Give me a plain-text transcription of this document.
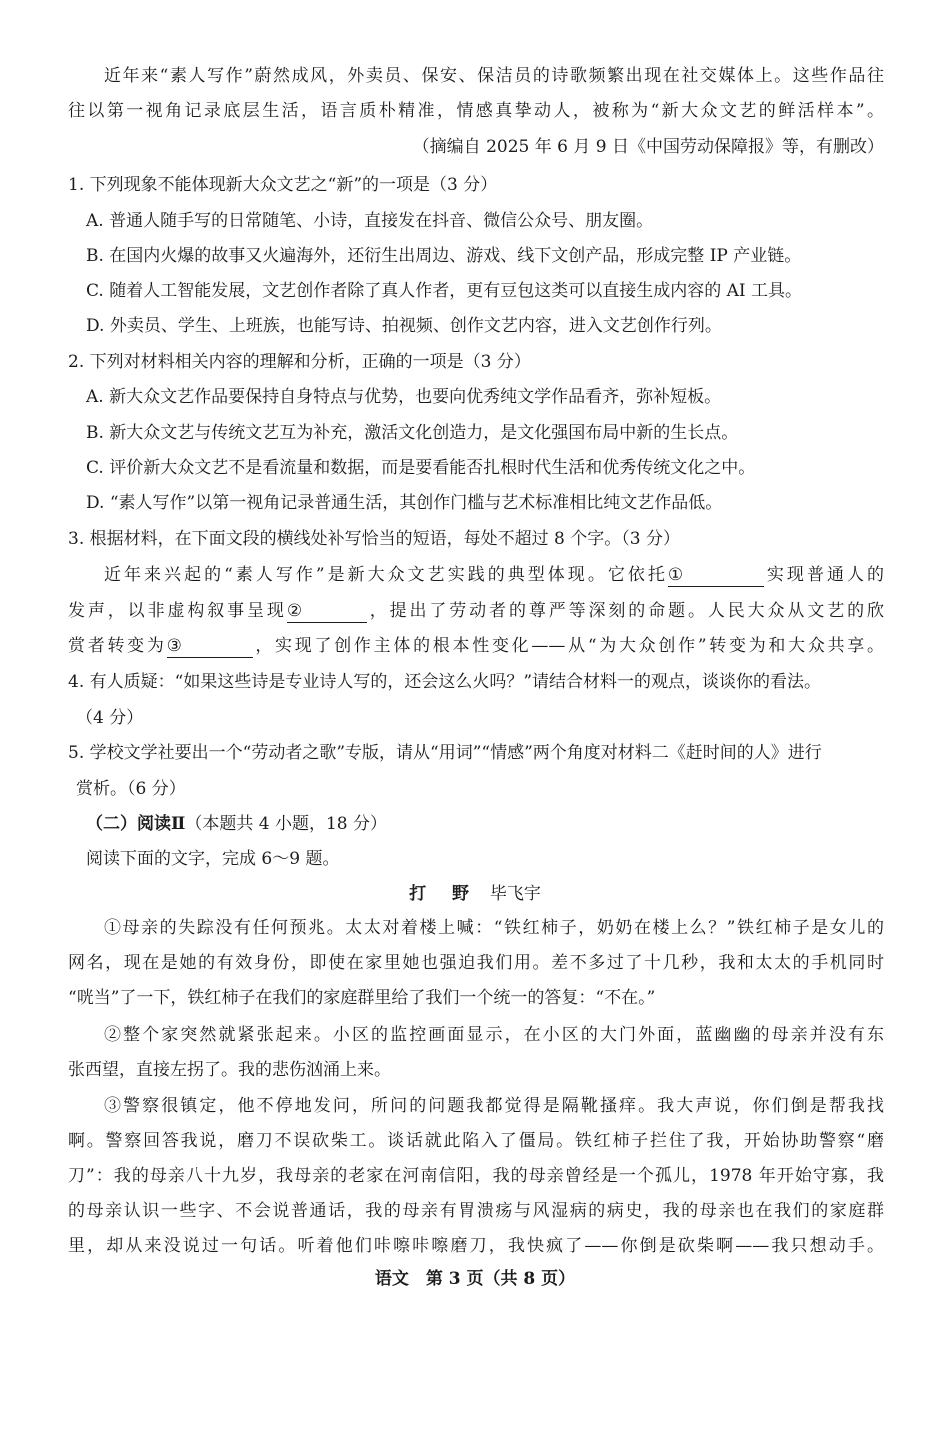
近年来“素人写作”蔚然成风，外卖员、保安、保洁员的诗歌频繁出现在社交媒体上。这些作品往
往以第一视角记录底层生活，语言质朴精准，情感真挚动人，被称为“新大众文艺的鲜活样本”。
（摘编自 2025 年 6 月 9 日《中国劳动保障报》等，有删改）
1. 下列现象不能体现新大众文艺之“新”的一项是（3 分）
A. 普通人随手写的日常随笔、小诗，直接发在抖音、微信公众号、朋友圈。
B. 在国内火爆的故事又火遍海外，还衍生出周边、游戏、线下文创产品，形成完整 IP 产业链。
C. 随着人工智能发展，文艺创作者除了真人作者，更有豆包这类可以直接生成内容的 AI 工具。
D. 外卖员、学生、上班族，也能写诗、拍视频、创作文艺内容，进入文艺创作行列。
2. 下列对材料相关内容的理解和分析，正确的一项是（3 分）
A. 新大众文艺作品要保持自身特点与优势，也要向优秀纯文学作品看齐，弥补短板。
B. 新大众文艺与传统文艺互为补充，激活文化创造力，是文化强国布局中新的生长点。
C. 评价新大众文艺不是看流量和数据，而是要看能否扎根时代生活和优秀传统文化之中。
D. “素人写作”以第一视角记录普通生活，其创作门槛与艺术标准相比纯文艺作品低。
3. 根据材料，在下面文段的横线处补写恰当的短语，每处不超过 8 个字。（3 分）
近年来兴起的“素人写作”是新大众文艺实践的典型体现。它依托①	实现普通人的
发声，以非虚构叙事呈现②	，提出了劳动者的尊严等深刻的命题。人民大众从文艺的欣
赏者转变为③	，实现了创作主体的根本性变化——从“为大众创作”转变为和大众共享。
4. 有人质疑：“如果这些诗是专业诗人写的，还会这么火吗？”请结合材料一的观点，谈谈你的看法。
（4 分）
5. 学校文学社要出一个“劳动者之歌”专版，请从“用词”“情感”两个角度对材料二《赶时间的人》进行
赏析。（6 分）
（二）阅读Ⅱ（本题共 4 小题，18 分）
阅读下面的文字，完成 6～9 题。
打 野 毕飞宇
①母亲的失踪没有任何预兆。太太对着楼上喊：“铁红柿子，奶奶在楼上么？”铁红柿子是女儿的
网名，现在是她的有效身份，即使在家里她也强迫我们用。差不多过了十几秒，我和太太的手机同时
“咣当”了一下，铁红柿子在我们的家庭群里给了我们一个统一的答复：“不在。”
②整个家突然就紧张起来。小区的监控画面显示，在小区的大门外面，蓝幽幽的母亲并没有东
张西望，直接左拐了。我的悲伤汹涌上来。
③警察很镇定，他不停地发问，所问的问题我都觉得是隔靴搔痒。我大声说，你们倒是帮我找
啊。警察回答我说，磨刀不误砍柴工。谈话就此陷入了僵局。铁红柿子拦住了我，开始协助警察“磨
刀”：我的母亲八十九岁，我母亲的老家在河南信阳，我的母亲曾经是一个孤儿，1978 年开始守寡，我
的母亲认识一些字、不会说普通话，我的母亲有胃溃疡与风湿病的病史，我的母亲也在我们的家庭群
里，却从来没说过一句话。听着他们咔嚓咔嚓磨刀，我快疯了——你倒是砍柴啊——我只想动手。
语文　第 3 页（共 8 页）
